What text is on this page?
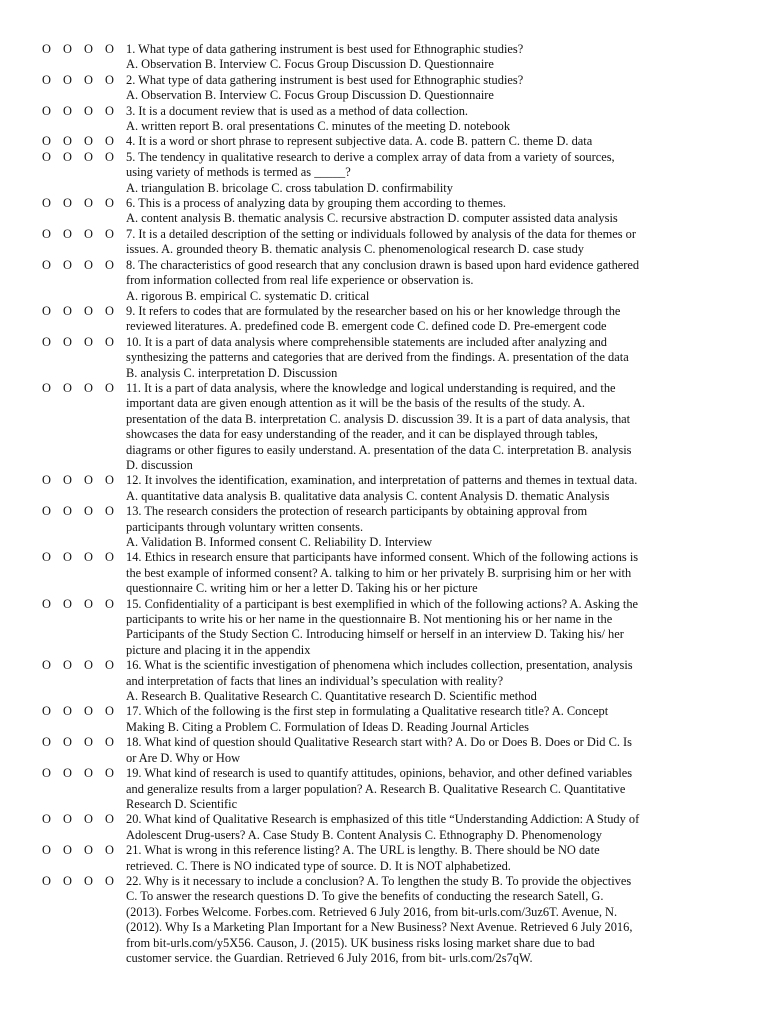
O O O O 1. What type of data gathering instrument is best used for Ethnographic studies?
A. Observation B. Interview C. Focus Group Discussion D. Questionnaire
O O O O 2. What type of data gathering instrument is best used for Ethnographic studies?
A. Observation B. Interview C. Focus Group Discussion D. Questionnaire
O O O O 3. It is a document review that is used as a method of data collection.
A. written report B. oral presentations C. minutes of the meeting D. notebook
O O O O 4. It is a word or short phrase to represent subjective data. A. code B. pattern C. theme D. data
O O O O 5. The tendency in qualitative research to derive a complex array of data from a variety of sources,
using variety of methods is termed as _____?
A. triangulation B. bricolage C. cross tabulation D. confirmability
O O O O 6. This is a process of analyzing data by grouping them according to themes.
A. content analysis B. thematic analysis C. recursive abstraction D. computer assisted data analysis
O O O O 7. It is a detailed description of the setting or individuals followed by analysis of the data for themes or
issues. A. grounded theory B. thematic analysis C. phenomenological research D. case study
O O O O 8. The characteristics of good research that any conclusion drawn is based upon hard evidence gathered
from information collected from real life experience or observation is.
A. rigorous B. empirical C. systematic D. critical
O O O O 9. It refers to codes that are formulated by the researcher based on his or her knowledge through the
reviewed literatures. A. predefined code B. emergent code C. defined code D. Pre-emergent code
O O O O 10. It is a part of data analysis where comprehensible statements are included after analyzing and
synthesizing the patterns and categories that are derived from the findings. A. presentation of the data
B. analysis C. interpretation D. Discussion
O O O O 11. It is a part of data analysis, where the knowledge and logical understanding is required, and the
important data are given enough attention as it will be the basis of the results of the study. A.
presentation of the data B. interpretation C. analysis D. discussion 39. It is a part of data analysis, that
showcases the data for easy understanding of the reader, and it can be displayed through tables,
diagrams or other figures to easily understand. A. presentation of the data C. interpretation B. analysis
D. discussion
O O O O 12. It involves the identification, examination, and interpretation of patterns and themes in textual data.
A. quantitative data analysis B. qualitative data analysis C. content Analysis D. thematic Analysis
O O O O 13. The research considers the protection of research participants by obtaining approval from
participants through voluntary written consents.
A. Validation B. Informed consent C. Reliability D. Interview
O O O O 14. Ethics in research ensure that participants have informed consent. Which of the following actions is
the best example of informed consent? A. talking to him or her privately B. surprising him or her with
questionnaire C. writing him or her a letter D. Taking his or her picture
O O O O 15. Confidentiality of a participant is best exemplified in which of the following actions? A. Asking the
participants to write his or her name in the questionnaire B. Not mentioning his or her name in the
Participants of the Study Section C. Introducing himself or herself in an interview D. Taking his/ her
picture and placing it in the appendix
O O O O 16. What is the scientific investigation of phenomena which includes collection, presentation, analysis
and interpretation of facts that lines an individual’s speculation with reality?
A. Research B. Qualitative Research C. Quantitative research D. Scientific method
O O O O 17. Which of the following is the first step in formulating a Qualitative research title? A. Concept
Making B. Citing a Problem C. Formulation of Ideas D. Reading Journal Articles
O O O O 18. What kind of question should Qualitative Research start with? A. Do or Does B. Does or Did C. Is
or Are D. Why or How
O O O O 19. What kind of research is used to quantify attitudes, opinions, behavior, and other defined variables
and generalize results from a larger population? A. Research B. Qualitative Research C. Quantitative
Research D. Scientific
O O O O 20. What kind of Qualitative Research is emphasized of this title “Understanding Addiction: A Study of
Adolescent Drug-users? A. Case Study B. Content Analysis C. Ethnography D. Phenomenology
O O O O 21. What is wrong in this reference listing? A. The URL is lengthy. B. There should be NO date
retrieved. C. There is NO indicated type of source. D. It is NOT alphabetized.
O O O O 22. Why is it necessary to include a conclusion? A. To lengthen the study B. To provide the objectives
C. To answer the research questions D. To give the benefits of conducting the research Satell, G.
(2013). Forbes Welcome. Forbes.com. Retrieved 6 July 2016, from bit-urls.com/3uz6T. Avenue, N.
(2012). Why Is a Marketing Plan Important for a New Business? Next Avenue. Retrieved 6 July 2016,
from bit-urls.com/y5X56. Causon, J. (2015). UK business risks losing market share due to bad
customer service. the Guardian. Retrieved 6 July 2016, from bit- urls.com/2s7qW.
